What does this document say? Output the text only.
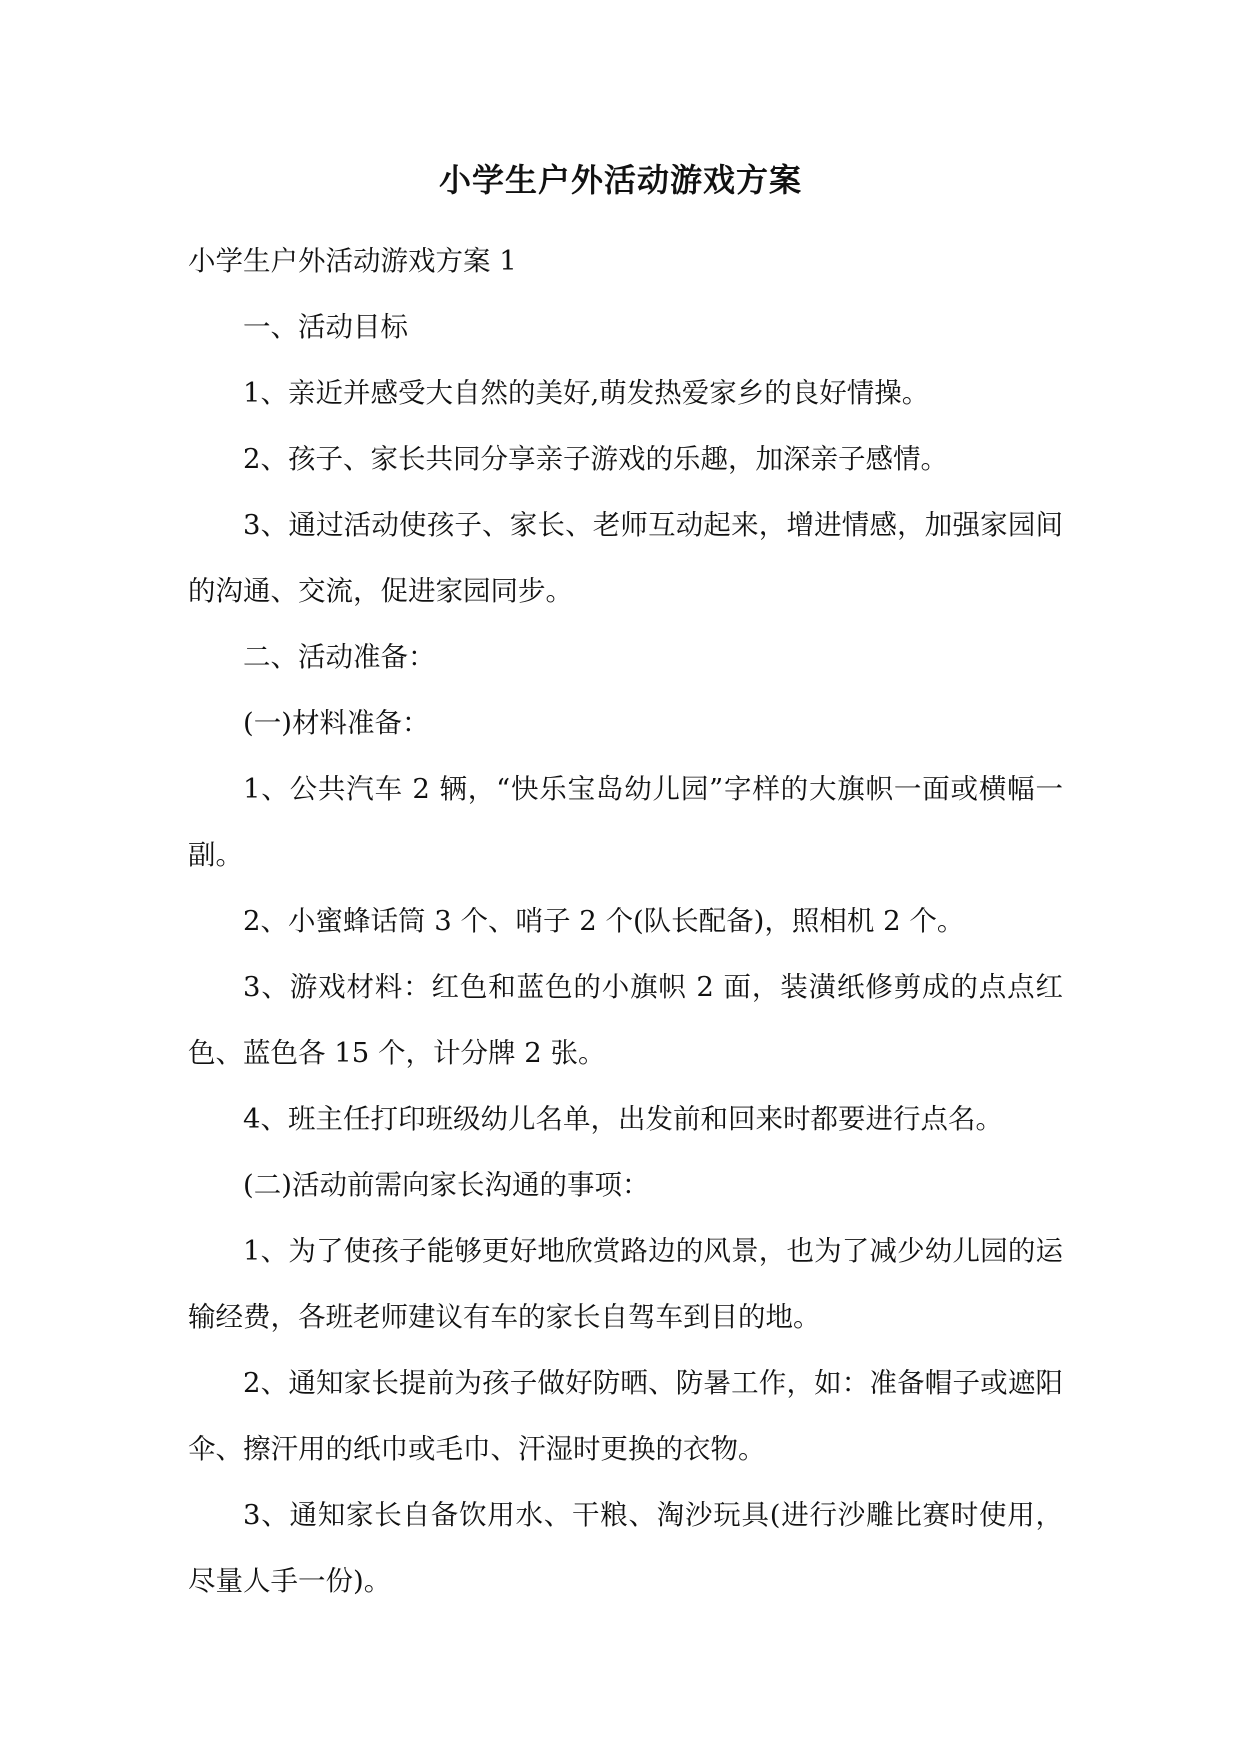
小学生户外活动游戏方案

小学生户外活动游戏方案 1

一、活动目标

1、亲近并感受大自然的美好,萌发热爱家乡的良好情操。

2、孩子、家长共同分享亲子游戏的乐趣，加深亲子感情。

3、通过活动使孩子、家长、老师互动起来，增进情感，加强家园间的沟通、交流，促进家园同步。

二、活动准备：

(一)材料准备：

1、公共汽车 2 辆，“快乐宝岛幼儿园”字样的大旗帜一面或横幅一副。

2、小蜜蜂话筒 3 个、哨子 2 个(队长配备)，照相机 2 个。

3、游戏材料：红色和蓝色的小旗帜 2 面，装潢纸修剪成的点点红色、蓝色各 15 个，计分牌 2 张。

4、班主任打印班级幼儿名单，出发前和回来时都要进行点名。

(二)活动前需向家长沟通的事项：

1、为了使孩子能够更好地欣赏路边的风景，也为了减少幼儿园的运输经费，各班老师建议有车的家长自驾车到目的地。

2、通知家长提前为孩子做好防晒、防暑工作，如：准备帽子或遮阳伞、擦汗用的纸巾或毛巾、汗湿时更换的衣物。

3、通知家长自备饮用水、干粮、淘沙玩具(进行沙雕比赛时使用，尽量人手一份)。
